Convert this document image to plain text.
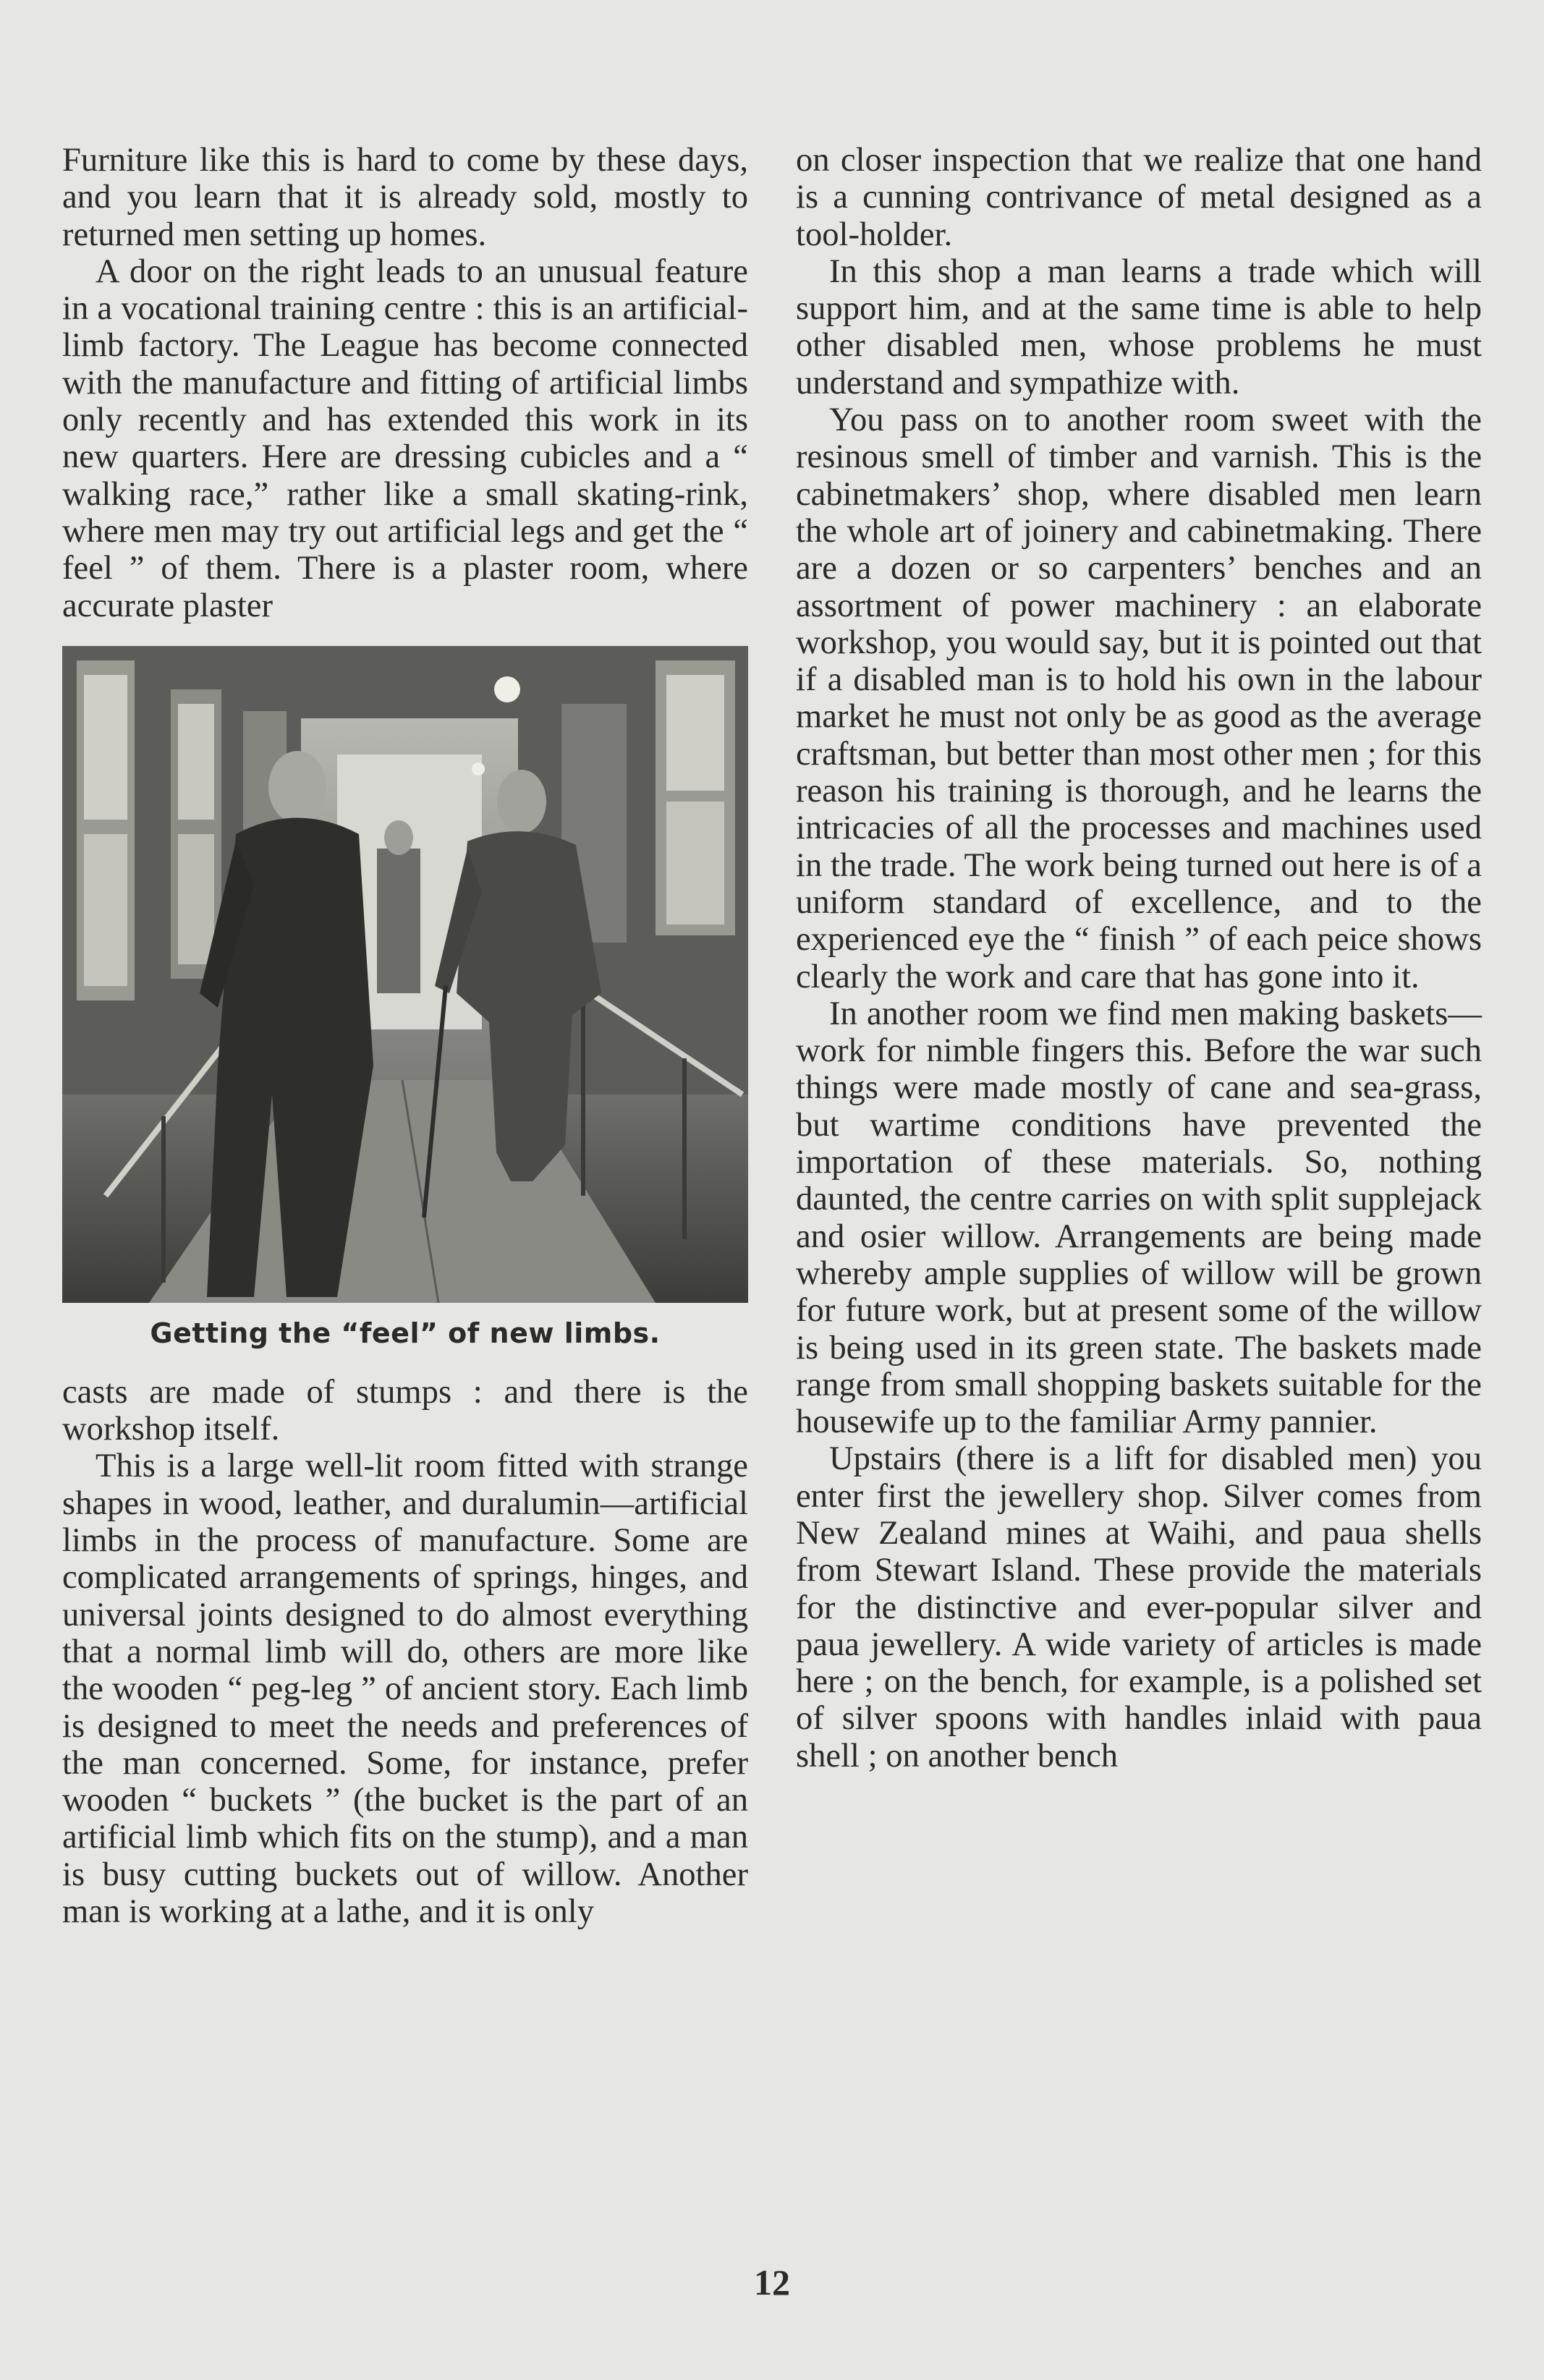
Furniture like this is hard to come by these days, and you learn that it is already sold, mostly to returned men setting up homes.

A door on the right leads to an unusual feature in a vocational training centre : this is an artificial-limb factory. The League has become connected with the manufacture and fitting of artificial limbs only recently and has extended this work in its new quarters. Here are dressing cubicles and a “ walking race,” rather like a small skating-rink, where men may try out artificial legs and get the “ feel ” of them. There is a plaster room, where accurate plaster

Getting the “feel” of new limbs.

casts are made of stumps : and there is the workshop itself.

This is a large well-lit room fitted with strange shapes in wood, leather, and duralumin—artificial limbs in the process of manufacture. Some are complicated arrangements of springs, hinges, and universal joints designed to do almost everything that a normal limb will do, others are more like the wooden “ peg-leg ” of ancient story. Each limb is designed to meet the needs and preferences of the man concerned. Some, for instance, prefer wooden “ buckets ” (the bucket is the part of an artificial limb which fits on the stump), and a man is busy cutting buckets out of willow. Another man is working at a lathe, and it is only

on closer inspection that we realize that one hand is a cunning contrivance of metal designed as a tool-holder.

In this shop a man learns a trade which will support him, and at the same time is able to help other disabled men, whose problems he must understand and sympathize with.

You pass on to another room sweet with the resinous smell of timber and varnish. This is the cabinetmakers’ shop, where disabled men learn the whole art of joinery and cabinetmaking. There are a dozen or so carpenters’ benches and an assortment of power machinery : an elaborate workshop, you would say, but it is pointed out that if a disabled man is to hold his own in the labour market he must not only be as good as the average craftsman, but better than most other men ; for this reason his training is thorough, and he learns the intricacies of all the processes and machines used in the trade. The work being turned out here is of a uniform standard of excellence, and to the experienced eye the “ finish ” of each peice shows clearly the work and care that has gone into it.

In another room we find men making baskets—work for nimble fingers this. Before the war such things were made mostly of cane and sea-grass, but wartime conditions have prevented the importation of these materials. So, nothing daunted, the centre carries on with split supplejack and osier willow. Arrangements are being made whereby ample supplies of willow will be grown for future work, but at present some of the willow is being used in its green state. The baskets made range from small shopping baskets suitable for the housewife up to the familiar Army pannier.

Upstairs (there is a lift for disabled men) you enter first the jewellery shop. Silver comes from New Zealand mines at Waihi, and paua shells from Stewart Island. These provide the materials for the distinctive and ever-popular silver and paua jewellery. A wide variety of articles is made here ; on the bench, for example, is a polished set of silver spoons with handles inlaid with paua shell ; on another bench

12
